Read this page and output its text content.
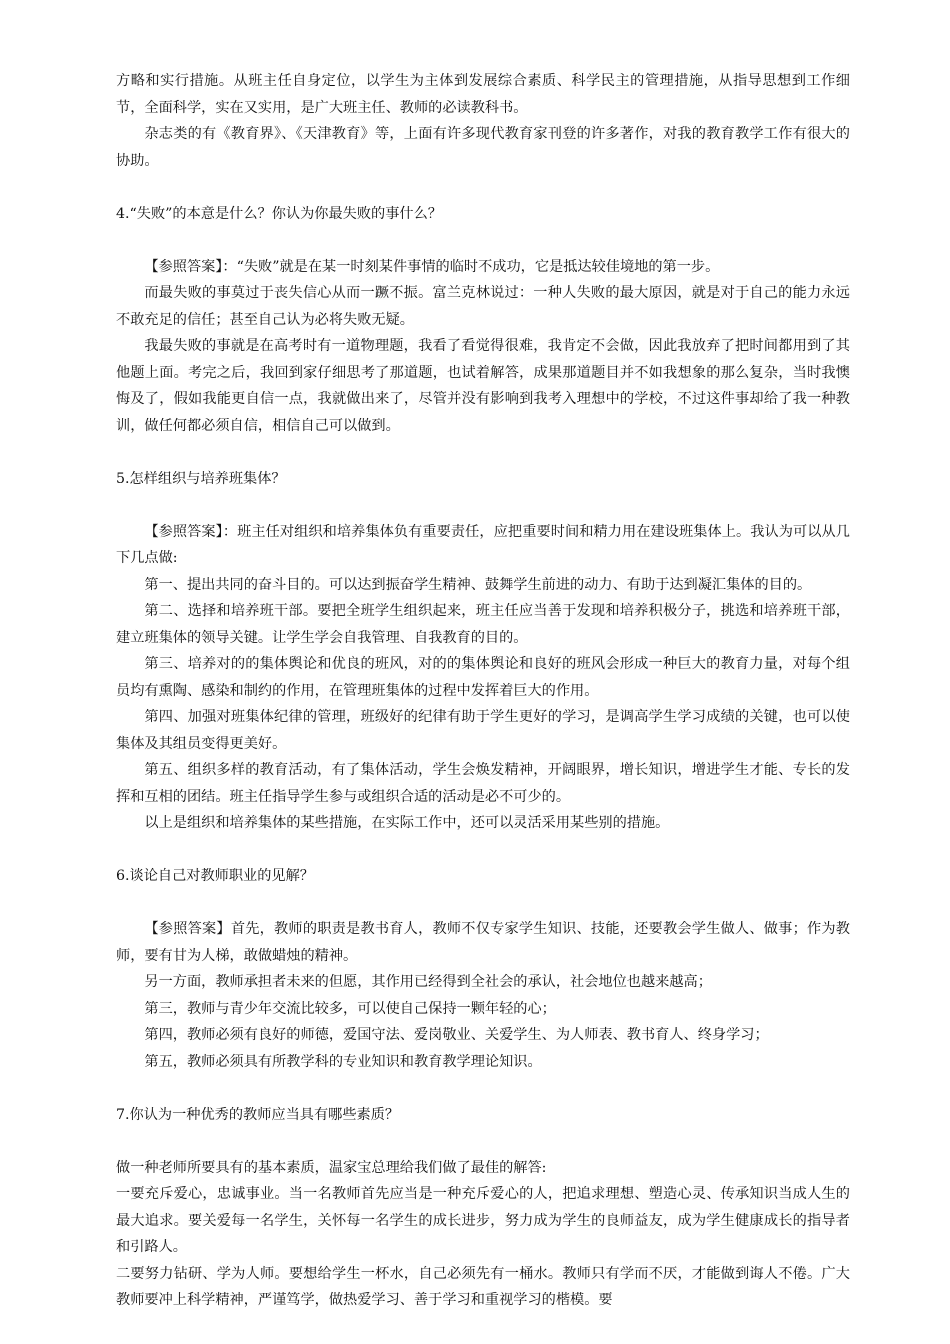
方略和实行措施。从班主任自身定位，以学生为主体到发展综合素质、科学民主的管理措施，从指导思想到工作细节，全面科学，实在又实用，是广大班主任、教师的必读教科书。

杂志类的有《教育界》、《天津教育》等，上面有许多现代教育家刊登的许多著作，对我的教育教学工作有很大的协助。

4.“失败”的本意是什么？你认为你最失败的事什么？

【参照答案】：“失败”就是在某一时刻某件事情的临时不成功，它是抵达较佳境地的第一步。

而最失败的事莫过于丧失信心从而一蹶不振。富兰克林说过：一种人失败的最大原因，就是对于自己的能力永远不敢充足的信任；甚至自己认为必将失败无疑。

我最失败的事就是在高考时有一道物理题，我看了看觉得很难，我肯定不会做，因此我放弃了把时间都用到了其他题上面。考完之后，我回到家仔细思考了那道题，也试着解答，成果那道题目并不如我想象的那么复杂，当时我懊悔及了，假如我能更自信一点，我就做出来了，尽管并没有影响到我考入理想中的学校，不过这件事却给了我一种教训，做任何都必须自信，相信自己可以做到。

5.怎样组织与培养班集体？

【参照答案】：班主任对组织和培养集体负有重要责任，应把重要时间和精力用在建设班集体上。我认为可以从几下几点做:

第一、提出共同的奋斗目的。可以达到振奋学生精神、鼓舞学生前进的动力、有助于达到凝汇集体的目的。

第二、选择和培养班干部。要把全班学生组织起来，班主任应当善于发现和培养积极分子，挑选和培养班干部，建立班集体的领导关键。让学生学会自我管理、自我教育的目的。

第三、培养对的的集体舆论和优良的班风，对的的集体舆论和良好的班风会形成一种巨大的教育力量，对每个组员均有熏陶、感染和制约的作用，在管理班集体的过程中发挥着巨大的作用。

第四、加强对班集体纪律的管理，班级好的纪律有助于学生更好的学习，是调高学生学习成绩的关键，也可以使集体及其组员变得更美好。

第五、组织多样的教育活动，有了集体活动，学生会焕发精神，开阔眼界，增长知识，增进学生才能、专长的发挥和互相的团结。班主任指导学生参与或组织合适的活动是必不可少的。

以上是组织和培养集体的某些措施，在实际工作中，还可以灵活采用某些别的措施。

6.谈论自己对教师职业的见解？

【参照答案】首先，教师的职责是教书育人，教师不仅专家学生知识、技能，还要教会学生做人、做事；作为教师，要有甘为人梯，敢做蜡烛的精神。

另一方面，教师承担者未来的但愿，其作用已经得到全社会的承认，社会地位也越来越高；

第三，教师与青少年交流比较多，可以使自己保持一颗年轻的心；

第四，教师必须有良好的师德，爱国守法、爱岗敬业、关爱学生、为人师表、教书育人、终身学习；

第五，教师必须具有所教学科的专业知识和教育教学理论知识。

7.你认为一种优秀的教师应当具有哪些素质？

做一种老师所要具有的基本素质，温家宝总理给我们做了最佳的解答:

一要充斥爱心，忠诚事业。当一名教师首先应当是一种充斥爱心的人，把追求理想、塑造心灵、传承知识当成人生的最大追求。要关爱每一名学生，关怀每一名学生的成长进步，努力成为学生的良师益友，成为学生健康成长的指导者和引路人。

二要努力钻研、学为人师。要想给学生一杯水，自己必须先有一桶水。教师只有学而不厌，才能做到诲人不倦。广大教师要冲上科学精神，严谨笃学，做热爱学习、善于学习和重视学习的楷模。要
